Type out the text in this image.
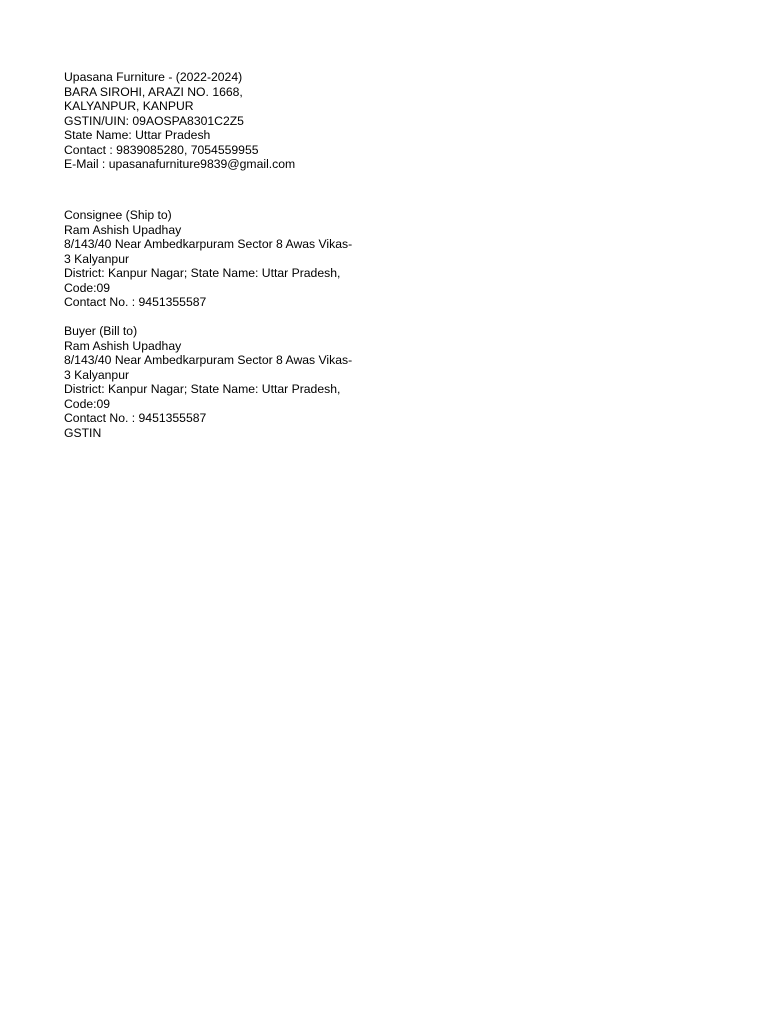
Upasana Furniture - (2022-2024)
BARA SIROHI, ARAZI NO. 1668,
KALYANPUR, KANPUR
GSTIN/UIN: 09AOSPA8301C2Z5
State Name: Uttar Pradesh
Contact : 9839085280, 7054559955
E-Mail : upasanafurniture9839@gmail.com
Consignee (Ship to)
Ram Ashish Upadhay
8/143/40 Near Ambedkarpuram Sector 8 Awas Vikas-
3 Kalyanpur
District: Kanpur Nagar; State Name: Uttar Pradesh,
Code:09
Contact No. : 9451355587
Buyer (Bill to)
Ram Ashish Upadhay
8/143/40 Near Ambedkarpuram Sector 8 Awas Vikas-
3 Kalyanpur
District: Kanpur Nagar; State Name: Uttar Pradesh,
Code:09
Contact No. : 9451355587
GSTIN
